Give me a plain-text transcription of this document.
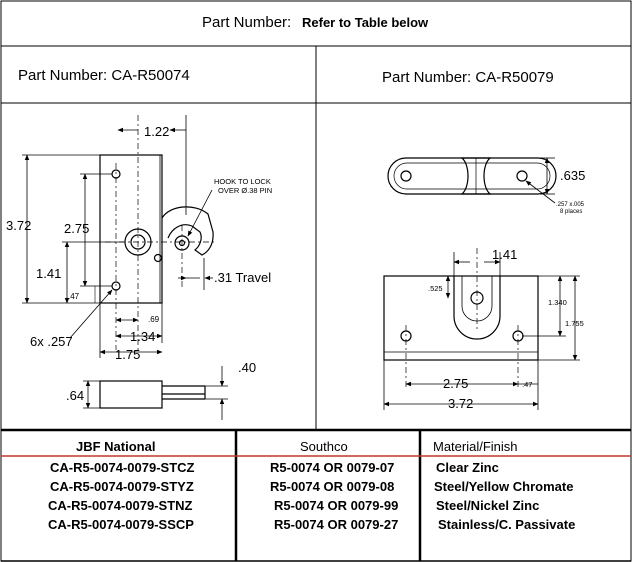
Part Number: Refer to Table below
Part Number: CA-R50074	Part Number: CA-R50079
1.22
3.72	2.75
1.41
.47
.69
1.34
1.75
6x .257
.31 Travel
.40
.64
HOOK TO LOCK
OVER Ø.38 PIN
.635
.257 x.005
8 places
1.41
.525
1.340
1.755
2.75	.47
3.72
JBF National	Southco	Material/Finish
CA-R5-0074-0079-STCZ	R5-0074 OR 0079-07	Clear Zinc
CA-R5-0074-0079-STYZ	R5-0074 OR 0079-08	Steel/Yellow Chromate
CA-R5-0074-0079-STNZ	R5-0074 OR 0079-99	Steel/Nickel Zinc
CA-R5-0074-0079-SSCP	R5-0074 OR 0079-27	Stainless/C. Passivate
